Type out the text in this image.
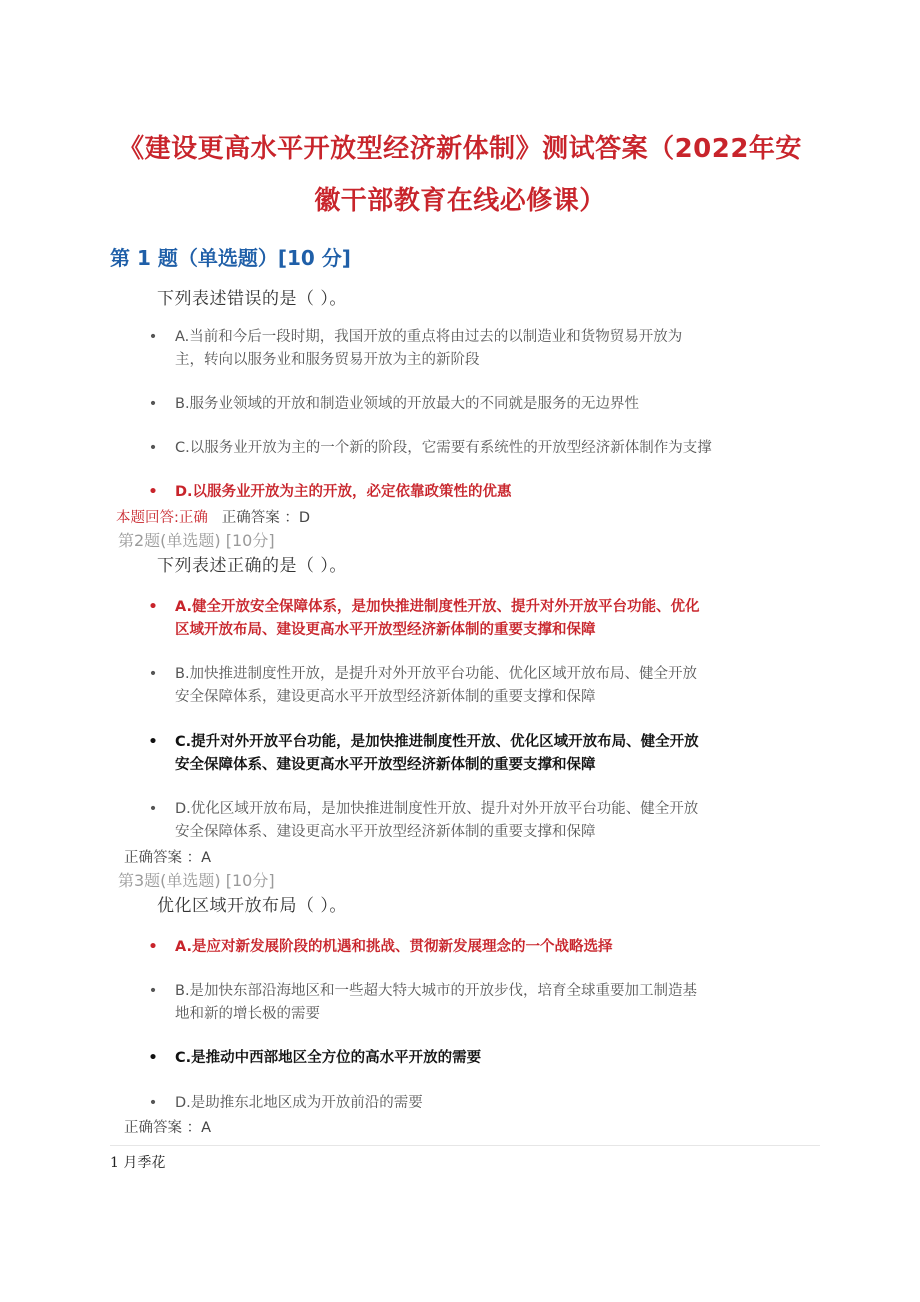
《建设更高水平开放型经济新体制》测试答案（2022年安
徽干部教育在线必修课）
第 1 题（单选题）[10 分]
下列表述错误的是（ ）。
• A.当前和今后一段时期，我国开放的重点将由过去的以制造业和货物贸易开放为
主，转向以服务业和服务贸易开放为主的新阶段
• B.服务业领域的开放和制造业领域的开放最大的不同就是服务的无边界性
• C.以服务业开放为主的一个新的阶段，它需要有系统性的开放型经济新体制作为支撑
• D.以服务业开放为主的开放，必定依靠政策性的优惠
本题回答:正确 正确答案 ：D
第2题(单选题) [10分]
下列表述正确的是（ ）。
• A.健全开放安全保障体系，是加快推进制度性开放、提升对外开放平台功能、优化
区域开放布局、建设更高水平开放型经济新体制的重要支撑和保障
• B.加快推进制度性开放，是提升对外开放平台功能、优化区域开放布局、健全开放
安全保障体系，建设更高水平开放型经济新体制的重要支撑和保障
• C.提升对外开放平台功能，是加快推进制度性开放、优化区域开放布局、健全开放
安全保障体系、建设更高水平开放型经济新体制的重要支撑和保障
• D.优化区域开放布局，是加快推进制度性开放、提升对外开放平台功能、健全开放
安全保障体系、建设更高水平开放型经济新体制的重要支撑和保障
正确答案 ：A
第3题(单选题) [10分]
优化区域开放布局（ ）。
• A.是应对新发展阶段的机遇和挑战、贯彻新发展理念的一个战略选择
• B.是加快东部沿海地区和一些超大特大城市的开放步伐，培育全球重要加工制造基
地和新的增长极的需要
• C.是推动中西部地区全方位的高水平开放的需要
• D.是助推东北地区成为开放前沿的需要
正确答案 ：A
1 月季花
